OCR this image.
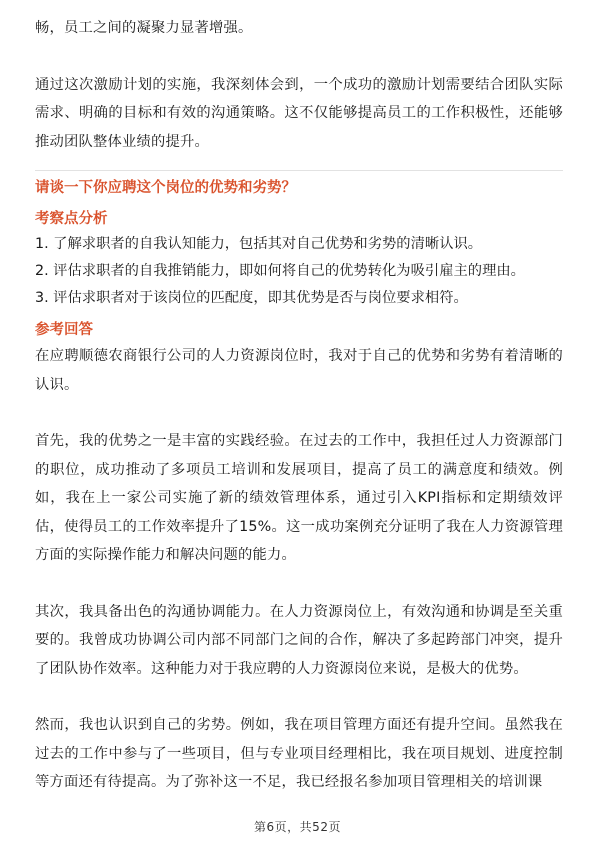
畅，员工之间的凝聚力显著增强。

通过这次激励计划的实施，我深刻体会到，一个成功的激励计划需要结合团队实际需求、明确的目标和有效的沟通策略。这不仅能够提高员工的工作积极性，还能够推动团队整体业绩的提升。

请谈一下你应聘这个岗位的优势和劣势？

考察点分析

1. 了解求职者的自我认知能力，包括其对自己优势和劣势的清晰认识。

2. 评估求职者的自我推销能力，即如何将自己的优势转化为吸引雇主的理由。

3. 评估求职者对于该岗位的匹配度，即其优势是否与岗位要求相符。

参考回答

在应聘顺德农商银行公司的人力资源岗位时，我对于自己的优势和劣势有着清晰的认识。

首先，我的优势之一是丰富的实践经验。在过去的工作中，我担任过人力资源部门的职位，成功推动了多项员工培训和发展项目，提高了员工的满意度和绩效。例如，我在上一家公司实施了新的绩效管理体系，通过引入KPI指标和定期绩效评估，使得员工的工作效率提升了15%。这一成功案例充分证明了我在人力资源管理方面的实际操作能力和解决问题的能力。

其次，我具备出色的沟通协调能力。在人力资源岗位上，有效沟通和协调是至关重要的。我曾成功协调公司内部不同部门之间的合作，解决了多起跨部门冲突，提升了团队协作效率。这种能力对于我应聘的人力资源岗位来说，是极大的优势。

然而，我也认识到自己的劣势。例如，我在项目管理方面还有提升空间。虽然我在过去的工作中参与了一些项目，但与专业项目经理相比，我在项目规划、进度控制等方面还有待提高。为了弥补这一不足，我已经报名参加项目管理相关的培训课

第6页，共52页
